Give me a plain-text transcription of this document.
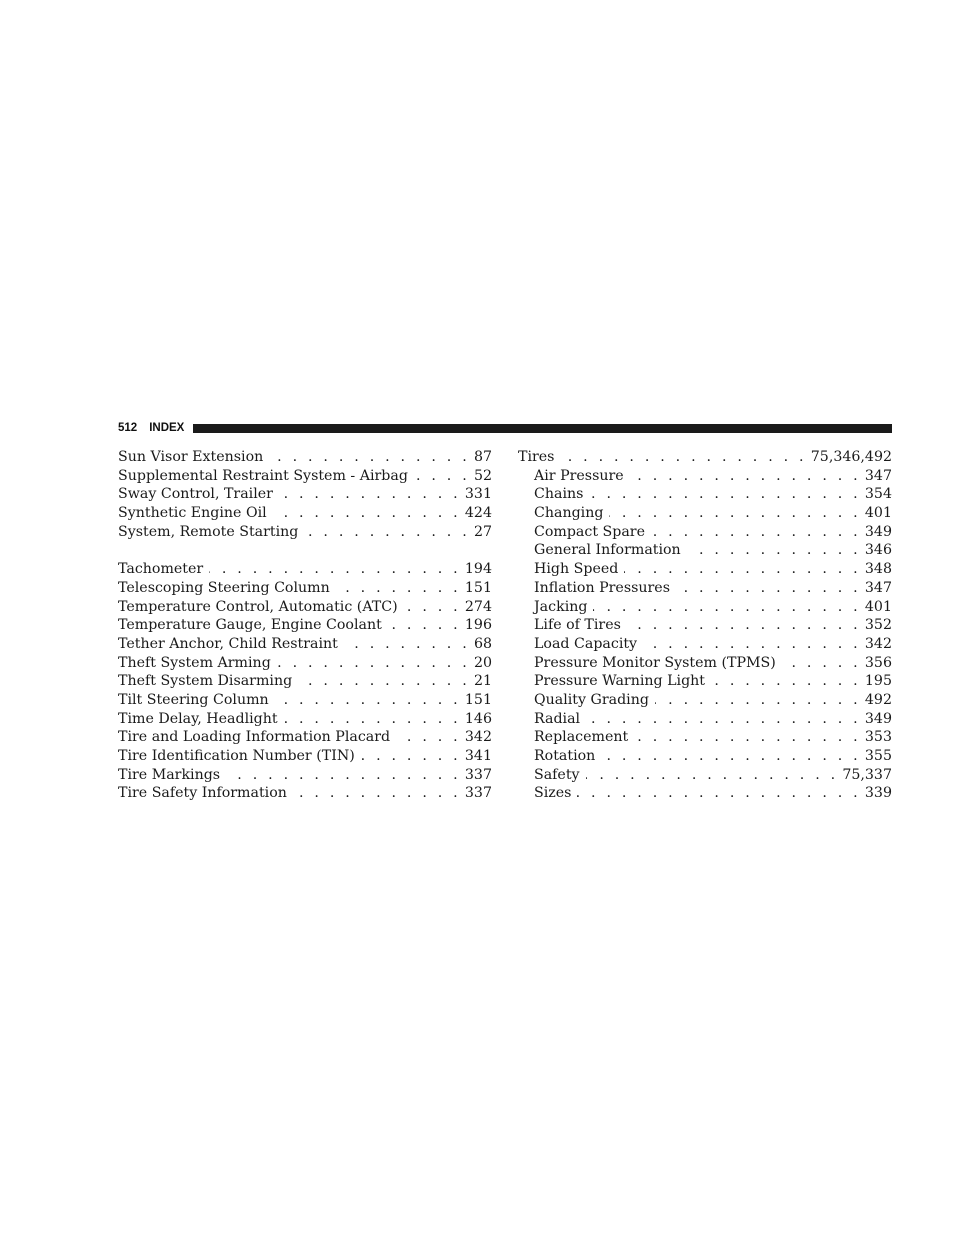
512 INDEX
Sun Visor Extension . . .	87
Supplemental Restraint System - Airbag . . .	52
Sway Control, Trailer . . .	331
Synthetic Engine Oil . . .	424
System, Remote Starting . . .	27
Tachometer . . .	194
Telescoping Steering Column . . .	151
Temperature Control, Automatic (ATC) . . .	274
Temperature Gauge, Engine Coolant . . .	196
Tether Anchor, Child Restraint . . .	68
Theft System Arming . . .	20
Theft System Disarming . . .	21
Tilt Steering Column . . .	151
Time Delay, Headlight . . .	146
Tire and Loading Information Placard . . .	342
Tire Identification Number (TIN) . . .	341
Tire Markings . . .	337
Tire Safety Information . . .	337
Tires . . .	75,346,492
Air Pressure . . .	347
Chains . . .	354
Changing . . .	401
Compact Spare . . .	349
General Information . . .	346
High Speed . . .	348
Inflation Pressures . . .	347
Jacking . . .	401
Life of Tires . . .	352
Load Capacity . . .	342
Pressure Monitor System (TPMS) . . .	356
Pressure Warning Light . . .	195
Quality Grading . . .	492
Radial . . .	349
Replacement . . .	353
Rotation . . .	355
Safety . . .	75,337
Sizes . . .	339
